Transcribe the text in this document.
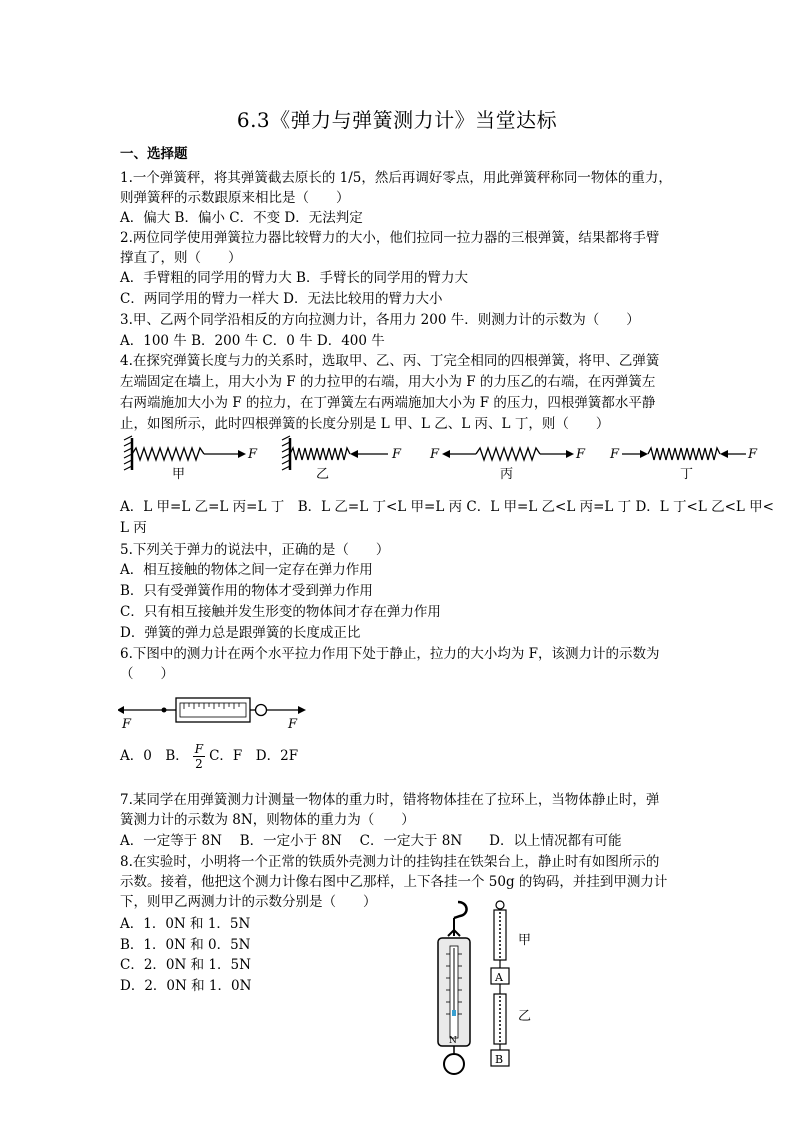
6.3《弹力与弹簧测力计》当堂达标
一、选择题
1.一个弹簧秤，将其弹簧截去原长的 1/5，然后再调好零点，用此弹簧秤称同一物体的重力，
则弹簧秤的示数跟原来相比是（　　）
A．偏大 B．偏小 C．不变 D．无法判定
2.两位同学使用弹簧拉力器比较臂力的大小，他们拉同一拉力器的三根弹簧，结果都将手臂
撑直了，则（　　）
A．手臂粗的同学用的臂力大 B．手臂长的同学用的臂力大
C．两同学用的臂力一样大 D．无法比较用的臂力大小
3.甲、乙两个同学沿相反的方向拉测力计，各用力 200 牛．则测力计的示数为（　　）
A．100 牛 B．200 牛 C．0 牛 D．400 牛
4.在探究弹簧长度与力的关系时，选取甲、乙、丙、丁完全相同的四根弹簧，将甲、乙弹簧
左端固定在墙上，用大小为 F 的力拉甲的右端，用大小为 F 的力压乙的右端，在丙弹簧左
右两端施加大小为 F 的拉力，在丁弹簧左右两端施加大小为 F 的压力，四根弹簧都水平静
止，如图所示，此时四根弹簧的长度分别是 L 甲、L 乙、L 丙、L 丁，则（　　）
甲
F
乙
F F	F
丙
F	F
丁
A．L 甲=L 乙=L 丙=L 丁　B．L 乙=L 丁<L 甲=L 丙 C．L 甲=L 乙<L 丙=L 丁 D．L 丁<L 乙<L 甲<
L 丙
5.下列关于弹力的说法中，正确的是（　　）
A．相互接触的物体之间一定存在弹力作用
B．只有受弹簧作用的物体才受到弹力作用
C．只有相互接触并发生形变的物体间才存在弹力作用
D．弹簧的弹力总是跟弹簧的长度成正比
6.下图中的测力计在两个水平拉力作用下处于静止，拉力的大小均为 F，该测力计的示数为
（　　）
F	F
A．0　B． $\frac{F}{2}$ C．F　D．2F
7.某同学在用弹簧测力计测量一物体的重力时，错将物体挂在了拉环上，当物体静止时，弹
簧测力计的示数为 8N，则物体的重力为（　　）
A．一定等于 8N　 B．一定小于 8N　 C．一定大于 8N　　D．以上情况都有可能
8.在实验时，小明将一个正常的铁质外壳测力计的挂钩挂在铁架台上，静止时有如图所示的
示数。接着，他把这个测力计像右图中乙那样，上下各挂一个 50g 的钩码，并挂到甲测力计
下，则甲乙两测力计的示数分别是（　　）
A．1．0N 和 1．5N
B．1．0N 和 0．5N
C．2．0N 和 1．5N
D．2．0N 和 1．0N
N
甲
A
乙
B
